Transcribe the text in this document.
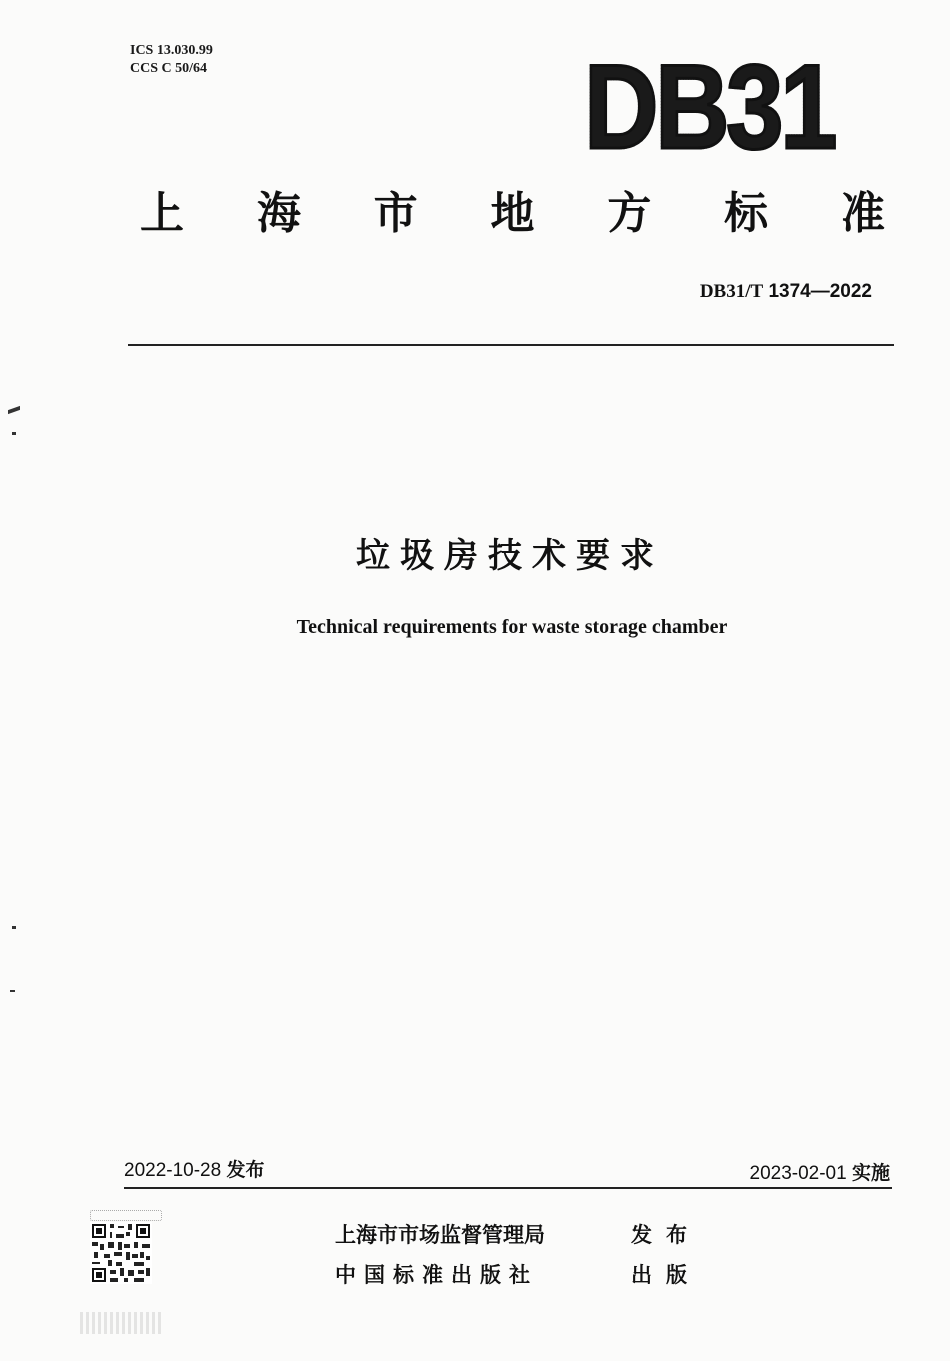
ICS 13.030.99
CCS C 50/64	DB31
上 海 市 地 方 标 准
DB31/T 1374—2022
垃圾房技术要求
Technical requirements for waste storage chamber
2022-10-28 发布	2023-02-01 实施
上海市市场监督管理局	发布
中国标准出版社	出版
